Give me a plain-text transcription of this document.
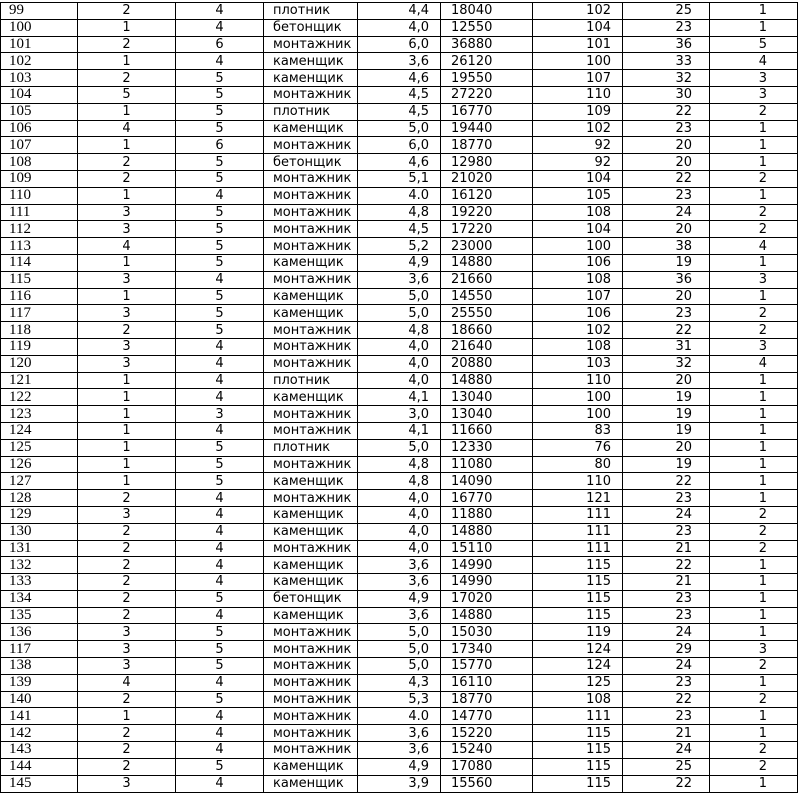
99	2	4	плотник	4,4	18040	102	25	1
100	1	4	бетонщик	4,0	12550	104	23	1
101	2	6	монтажник	6,0	36880	101	36	5
102	1	4	каменщик	3,6	26120	100	33	4
103	2	5	каменщик	4,6	19550	107	32	3
104	5	5	монтажник	4,5	27220	110	30	3
105	1	5	плотник	4,5	16770	109	22	2
106	4	5	каменщик	5,0	19440	102	23	1
107	1	6	монтажник	6,0	18770	92	20	1
108	2	5	бетонщик	4,6	12980	92	20	1
109	2	5	монтажник	5,1	21020	104	22	2
110	1	4	монтажник	4.0	16120	105	23	1
111	3	5	монтажник	4,8	19220	108	24	2
112	3	5	монтажник	4,5	17220	104	20	2
113	4	5	монтажник	5,2	23000	100	38	4
114	1	5	каменщик	4,9	14880	106	19	1
115	3	4	монтажник	3,6	21660	108	36	3
116	1	5	каменщик	5,0	14550	107	20	1
117	3	5	каменщик	5,0	25550	106	23	2
118	2	5	монтажник	4,8	18660	102	22	2
119	3	4	монтажник	4,0	21640	108	31	3
120	3	4	монтажник	4,0	20880	103	32	4
121	1	4	плотник	4,0	14880	110	20	1
122	1	4	каменщик	4,1	13040	100	19	1
123	1	3	монтажник	3,0	13040	100	19	1
124	1	4	монтажник	4,1	11660	83	19	1
125	1	5	плотник	5,0	12330	76	20	1
126	1	5	монтажник	4,8	11080	80	19	1
127	1	5	каменщик	4,8	14090	110	22	1
128	2	4	монтажник	4,0	16770	121	23	1
129	3	4	каменщик	4,0	11880	111	24	2
130	2	4	каменщик	4,0	14880	111	23	2
131	2	4	монтажник	4,0	15110	111	21	2
132	2	4	каменщик	3,6	14990	115	22	1
133	2	4	каменщик	3,6	14990	115	21	1
134	2	5	бетонщик	4,9	17020	115	23	1
135	2	4	каменщик	3,6	14880	115	23	1
136	3	5	монтажник	5,0	15030	119	24	1
117	3	5	монтажник	5,0	17340	124	29	3
138	3	5	монтажник	5,0	15770	124	24	2
139	4	4	монтажник	4,3	16110	125	23	1
140	2	5	монтажник	5,3	18770	108	22	2
141	1	4	монтажник	4.0	14770	111	23	1
142	2	4	монтажник	3,6	15220	115	21	1
143	2	4	монтажник	3,6	15240	115	24	2
144	2	5	каменщик	4,9	17080	115	25	2
145	3	4	каменщик	3,9	15560	115	22	1
